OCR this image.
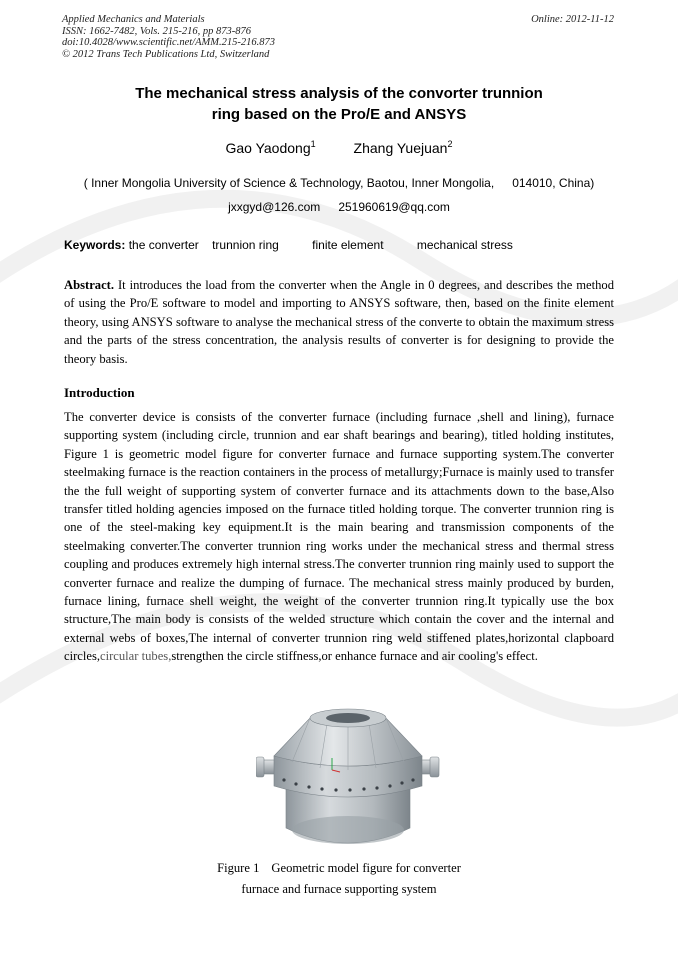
Applied Mechanics and Materials
ISSN: 1662-7482, Vols. 215-216, pp 873-876
doi:10.4028/www.scientific.net/AMM.215-216.873
© 2012 Trans Tech Publications Ltd, Switzerland
Online: 2012-11-12
The mechanical stress analysis of the convorter trunnion
ring based on the Pro/E and ANSYS
Gao Yaodong$^1$	Zhang Yuejuan$^2$
( Inner Mongolia University of Science & Technology, Baotou, Inner Mongolia, 014010, China)
jxxgyd@126.com 251960619@qq.com
Keywords: the converter trunnion ring	finite element	mechanical stress
Abstract. It introduces the load from the converter when the Angle in 0 degrees, and describes the method of using the Pro/E software to model and importing to ANSYS software, then, based on the finite element theory, using ANSYS software to analyse the mechanical stress of the converte to obtain the maximum stress and the parts of the stress concentration, the analysis results of converter is for designing to provide the theory basis.
Introduction
The converter device is consists of the converter furnace (including furnace ,shell and lining), furnace supporting system (including circle, trunnion and ear shaft bearings and bearing), titled holding institutes, Figure 1 is geometric model figure for converter furnace and furnace supporting system.The converter steelmaking furnace is the reaction containers in the process of metallurgy;Furnace is mainly used to transfer the the full weight of supporting system of converter furnace and its attachments down to the base,Also transfer titled holding agencies imposed on the furnace titled holding torque. The converter trunnion ring is one of the steel-making key equipment.It is the main bearing and transmission components of the steelmaking converter.The converter trunnion ring works under the mechanical stress and thermal stress coupling and produces extremely high internal stress.The converter trunnion ring mainly used to support the converter furnace and realize the dumping of furnace. The mechanical stress mainly produced by burden, furnace lining, furnace shell weight, the weight of the converter trunnion ring.It typically use the box structure,The main body is consists of the welded structure which contain the cover and the internal and external webs of boxes,The internal of converter trunnion ring weld stiffened plates,horizontal clapboard circles,circular tubes,strengthen the circle stiffness,or enhance furnace and air cooling's effect.
Figure 1 Geometric model figure for converter
furnace and furnace supporting system
